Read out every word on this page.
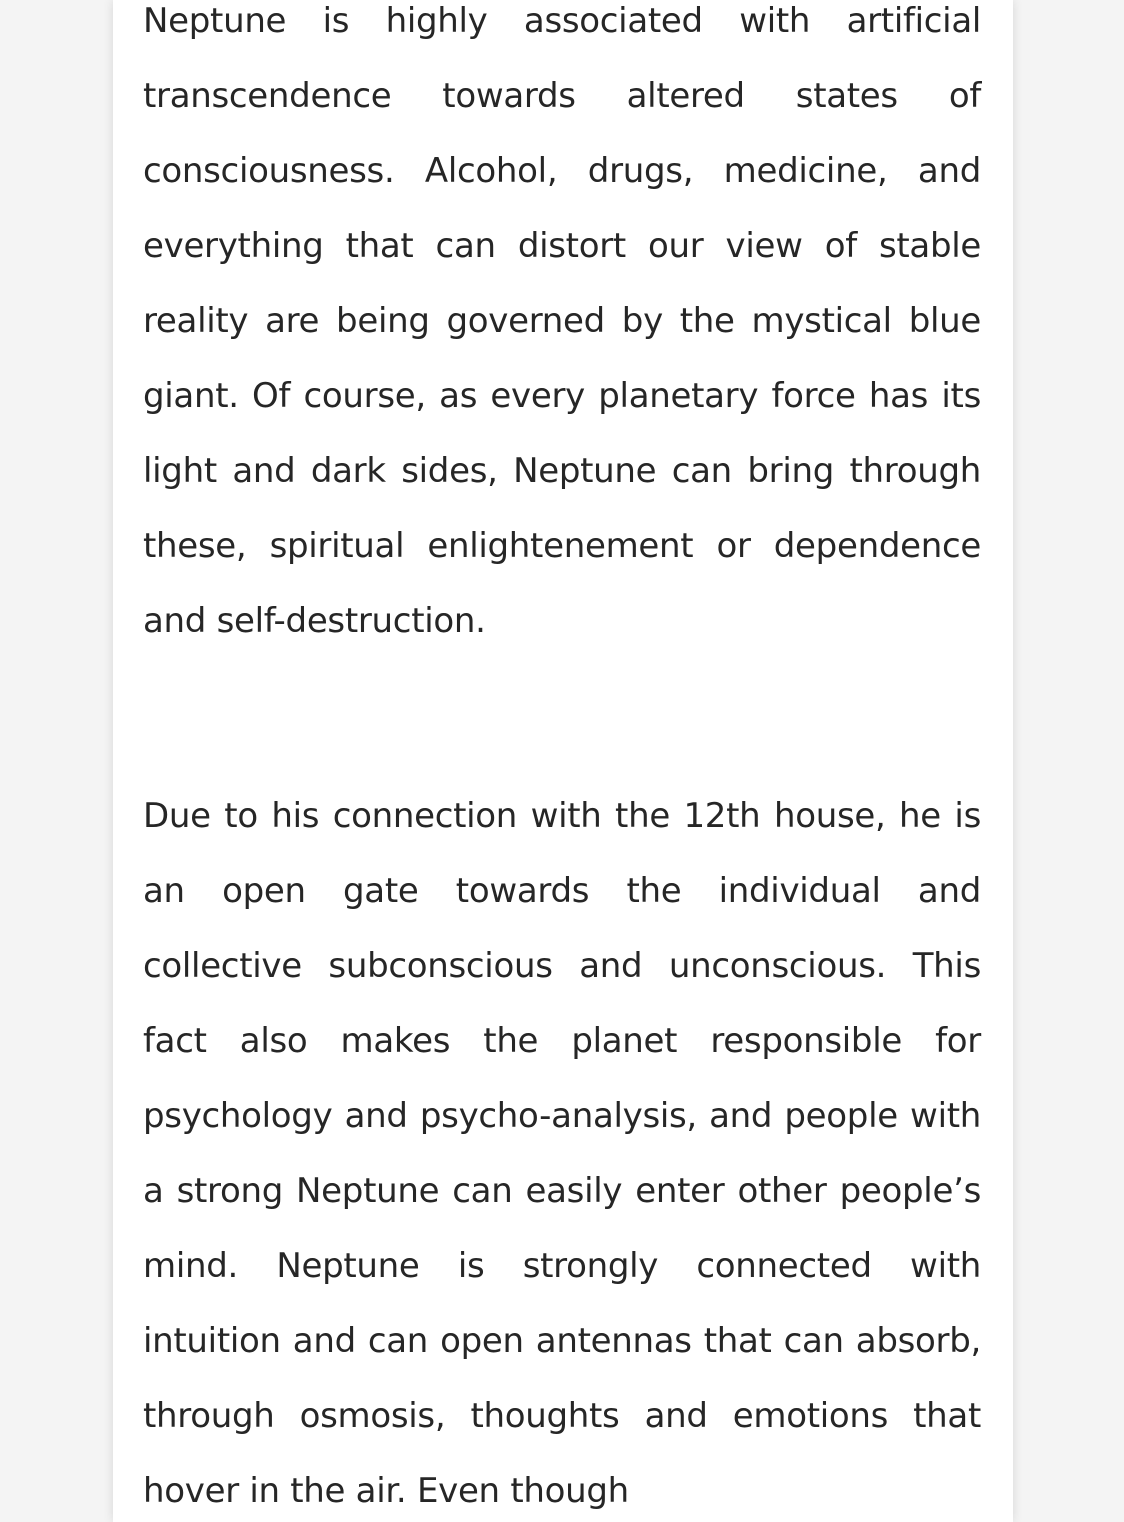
Neptune is highly associated with artificial transcendence towards altered states of consciousness. Alcohol, drugs, medicine, and everything that can distort our view of stable reality are being governed by the mystical blue giant. Of course, as every planetary force has its light and dark sides, Neptune can bring through these, spiritual enlightenement or dependence and self-destruction.

Due to his connection with the 12th house, he is an open gate towards the individual and collective subconscious and unconscious. This fact also makes the planet responsible for psychology and psycho-analysis, and people with a strong Neptune can easily enter other people’s mind. Neptune is strongly connected with intuition and can open antennas that can absorb, through osmosis, thoughts and emotions that hover in the air. Even though
